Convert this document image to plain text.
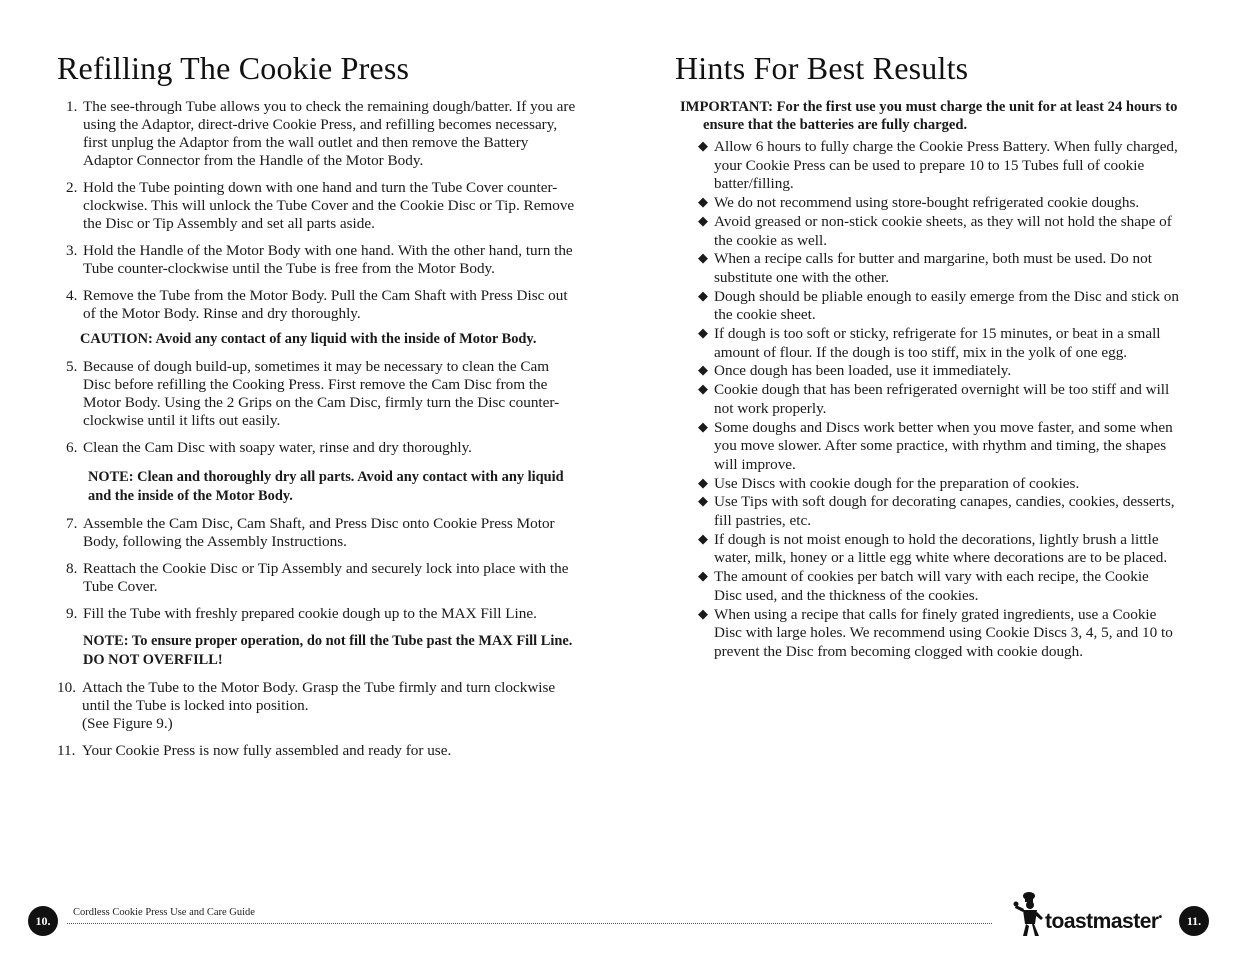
Refilling The Cookie Press
1. The see-through Tube allows you to check the remaining dough/batter. If you are using the Adaptor, direct-drive Cookie Press, and refilling becomes necessary, first unplug the Adaptor from the wall outlet and then remove the Battery Adaptor Connector from the Handle of the Motor Body.
2. Hold the Tube pointing down with one hand and turn the Tube Cover counter-clockwise. This will unlock the Tube Cover and the Cookie Disc or Tip. Remove the Disc or Tip Assembly and set all parts aside.
3. Hold the Handle of the Motor Body with one hand. With the other hand, turn the Tube counter-clockwise until the Tube is free from the Motor Body.
4. Remove the Tube from the Motor Body. Pull the Cam Shaft with Press Disc out of the Motor Body. Rinse and dry thoroughly.
CAUTION: Avoid any contact of any liquid with the inside of Motor Body.
5. Because of dough build-up, sometimes it may be necessary to clean the Cam Disc before refilling the Cooking Press. First remove the Cam Disc from the Motor Body. Using the 2 Grips on the Cam Disc, firmly turn the Disc counter-clockwise until it lifts out easily.
6. Clean the Cam Disc with soapy water, rinse and dry thoroughly.
NOTE: Clean and thoroughly dry all parts. Avoid any contact with any liquid and the inside of the Motor Body.
7. Assemble the Cam Disc, Cam Shaft, and Press Disc onto Cookie Press Motor Body, following the Assembly Instructions.
8. Reattach the Cookie Disc or Tip Assembly and securely lock into place with the Tube Cover.
9. Fill the Tube with freshly prepared cookie dough up to the MAX Fill Line.
NOTE: To ensure proper operation, do not fill the Tube past the MAX Fill Line. DO NOT OVERFILL!
10. Attach the Tube to the Motor Body. Grasp the Tube firmly and turn clockwise until the Tube is locked into position.
(See Figure 9.)
11. Your Cookie Press is now fully assembled and ready for use.
Hints For Best Results
IMPORTANT: For the first use you must charge the unit for at least 24 hours to ensure that the batteries are fully charged.
◆ Allow 6 hours to fully charge the Cookie Press Battery. When fully charged, your Cookie Press can be used to prepare 10 to 15 Tubes full of cookie batter/filling.
◆ We do not recommend using store-bought refrigerated cookie doughs.
◆ Avoid greased or non-stick cookie sheets, as they will not hold the shape of the cookie as well.
◆ When a recipe calls for butter and margarine, both must be used. Do not substitute one with the other.
◆ Dough should be pliable enough to easily emerge from the Disc and stick on the cookie sheet.
◆ If dough is too soft or sticky, refrigerate for 15 minutes, or beat in a small amount of flour. If the dough is too stiff, mix in the yolk of one egg.
◆ Once dough has been loaded, use it immediately.
◆ Cookie dough that has been refrigerated overnight will be too stiff and will not work properly.
◆ Some doughs and Discs work better when you move faster, and some when you move slower. After some practice, with rhythm and timing, the shapes will improve.
◆ Use Discs with cookie dough for the preparation of cookies.
◆ Use Tips with soft dough for decorating canapes, candies, cookies, desserts, fill pastries, etc.
◆ If dough is not moist enough to hold the decorations, lightly brush a little water, milk, honey or a little egg white where decorations are to be placed.
◆ The amount of cookies per batch will vary with each recipe, the Cookie Disc used, and the thickness of the cookies.
◆ When using a recipe that calls for finely grated ingredients, use a Cookie Disc with large holes. We recommend using Cookie Discs 3, 4, 5, and 10 to prevent the Disc from becoming clogged with cookie dough.
10.
Cordless Cookie Press Use and Care Guide	toastmaster•	11.
